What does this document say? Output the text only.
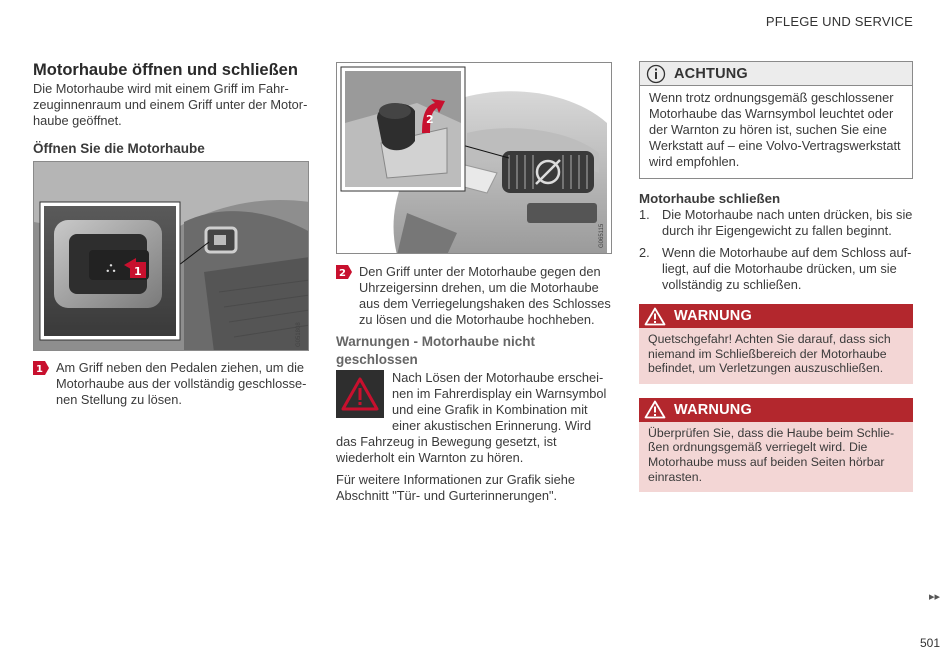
PFLEGE UND SERVICE
Motorhaube öffnen und schließen

Die Motorhaube wird mit einem Griff im Fahr-zeuginnenraum und einem Griff unter der Motor-haube geöffnet.

Öffnen Sie die Motorhaube
⛬ 1
G051808
1 Am Griff neben den Pedalen ziehen, um die Motorhaube aus der vollständig geschlosse-nen Stellung zu lösen.
2
G065115
2 Den Griff unter der Motorhaube gegen den Uhrzeigersinn drehen, um die Motorhaube aus dem Verriegelungshaken des Schlosses zu lösen und die Motorhaube hochheben.
Warnungen - Motorhaube nicht geschlossen
Nach Lösen der Motorhaube erschei-nen im Fahrerdisplay ein Warnsymbol und eine Grafik in Kombination mit einer akustischen Erinnerung. Wird das Fahrzeug in Bewegung gesetzt, ist wiederholt ein Warnton zu hören.

Für weitere Informationen zur Grafik siehe Abschnitt "Tür- und Gurterinnerungen".

ACHTUNG
Wenn trotz ordnungsgemäß geschlossener Motorhaube das Warnsymbol leuchtet oder der Warnton zu hören ist, suchen Sie eine Werkstatt auf – eine Volvo-Vertragswerkstatt wird empfohlen.
Motorhaube schließen
1. Die Motorhaube nach unten drücken, bis sie durch ihr Eigengewicht zu fallen beginnt.
2. Wenn die Motorhaube auf dem Schloss auf-liegt, auf die Motorhaube drücken, um sie vollständig zu schließen.
WARNUNG
Quetschgefahr! Achten Sie darauf, dass sich niemand im Schließbereich der Motorhaube befindet, um Verletzungen auszuschließen.
WARNUNG
Überprüfen Sie, dass die Haube beim Schlie-ßen ordnungsgemäß verriegelt wird. Die Motorhaube muss auf beiden Seiten hörbar einrasten.
▸▸
501
